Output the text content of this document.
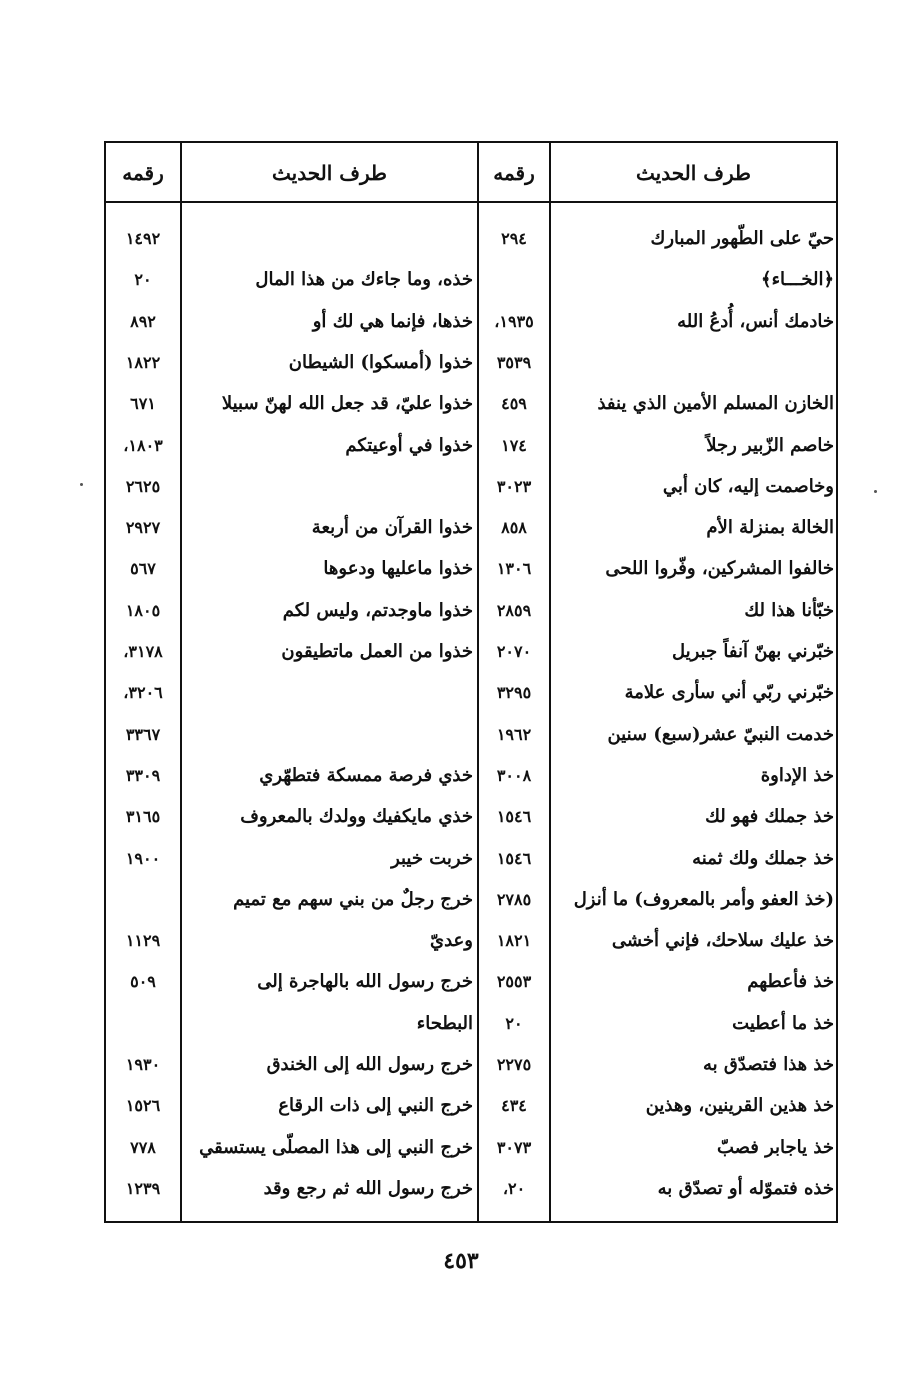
طرف الحديث
رقمه
طرف الحديث
رقمه
حيّ على الطّهور المبارك
٢٩٤
١٤٩٢
﴿الخـــاء﴾
خذه، وما جاءك من هذا المال
٢٠
خادمك أنس، أُدعُ الله
١٩٣٥،
خذها، فإنما هي لك أو
٨٩٢
٣٥٣٩
خذوا (أمسكوا) الشيطان
١٨٢٢
الخازن المسلم الأمين الذي ينفذ
٤٥٩
خذوا عليّ، قد جعل الله لهنّ سبيلا
٦٧١
خاصم الزّبير رجلاً
١٧٤
خذوا في أوعيتكم
١٨٠٣،
وخاصمت إليه، كان أبي
٣٠٢٣
٢٦٢٥
الخالة بمنزلة الأم
٨٥٨
خذوا القرآن من أربعة
٢٩٢٧
خالفوا المشركين، وفّروا اللحى
١٣٠٦
خذوا ماعليها ودعوها
٥٦٧
خبّأنا هذا لك
٢٨٥٩
خذوا ماوجدتم، وليس لكم
١٨٠٥
خبّرني بهنّ آنفاً جبريل
٢٠٧٠
خذوا من العمل ماتطيقون
٣١٧٨،
خبّرني ربّي أني سأرى علامة
٣٢٩٥
٣٢٠٦،
خدمت النبيّ عشر(سبع) سنين
١٩٦٢
٣٣٦٧
خذ الإداوة
٣٠٠٨
خذي فرصة ممسكة فتطهّري
٣٣٠٩
خذ جملك فهو لك
١٥٤٦
خذي مايكفيك وولدك بالمعروف
٣١٦٥
خذ جملك ولك ثمنه
١٥٤٦
خربت خيبر
١٩٠٠
(خذ العفو وأمر بالمعروف) ما أنزل
٢٧٨٥
خرج رجلٌ من بني سهم مع تميم
خذ عليك سلاحك، فإني أخشى
١٨٢١
وعديّ
١١٢٩
خذ فأعطهم
٢٥٥٣
خرج رسول الله بالهاجرة إلى
٥٠٩
خذ ما أعطيت
٢٠
البطحاء
خذ هذا فتصدّق به
٢٢٧٥
خرج رسول الله إلى الخندق
١٩٣٠
خذ هذين القرينين، وهذين
٤٣٤
خرج النبي إلى ذات الرقاع
١٥٢٦
خذ ياجابر فصبّ
٣٠٧٣
خرج النبي إلى هذا المصلّى يستسقي
٧٧٨
خذه فتموّله أو تصدّق به
٢٠،
خرج رسول الله ثم رجع وقد
١٢٣٩
٤٥٣
